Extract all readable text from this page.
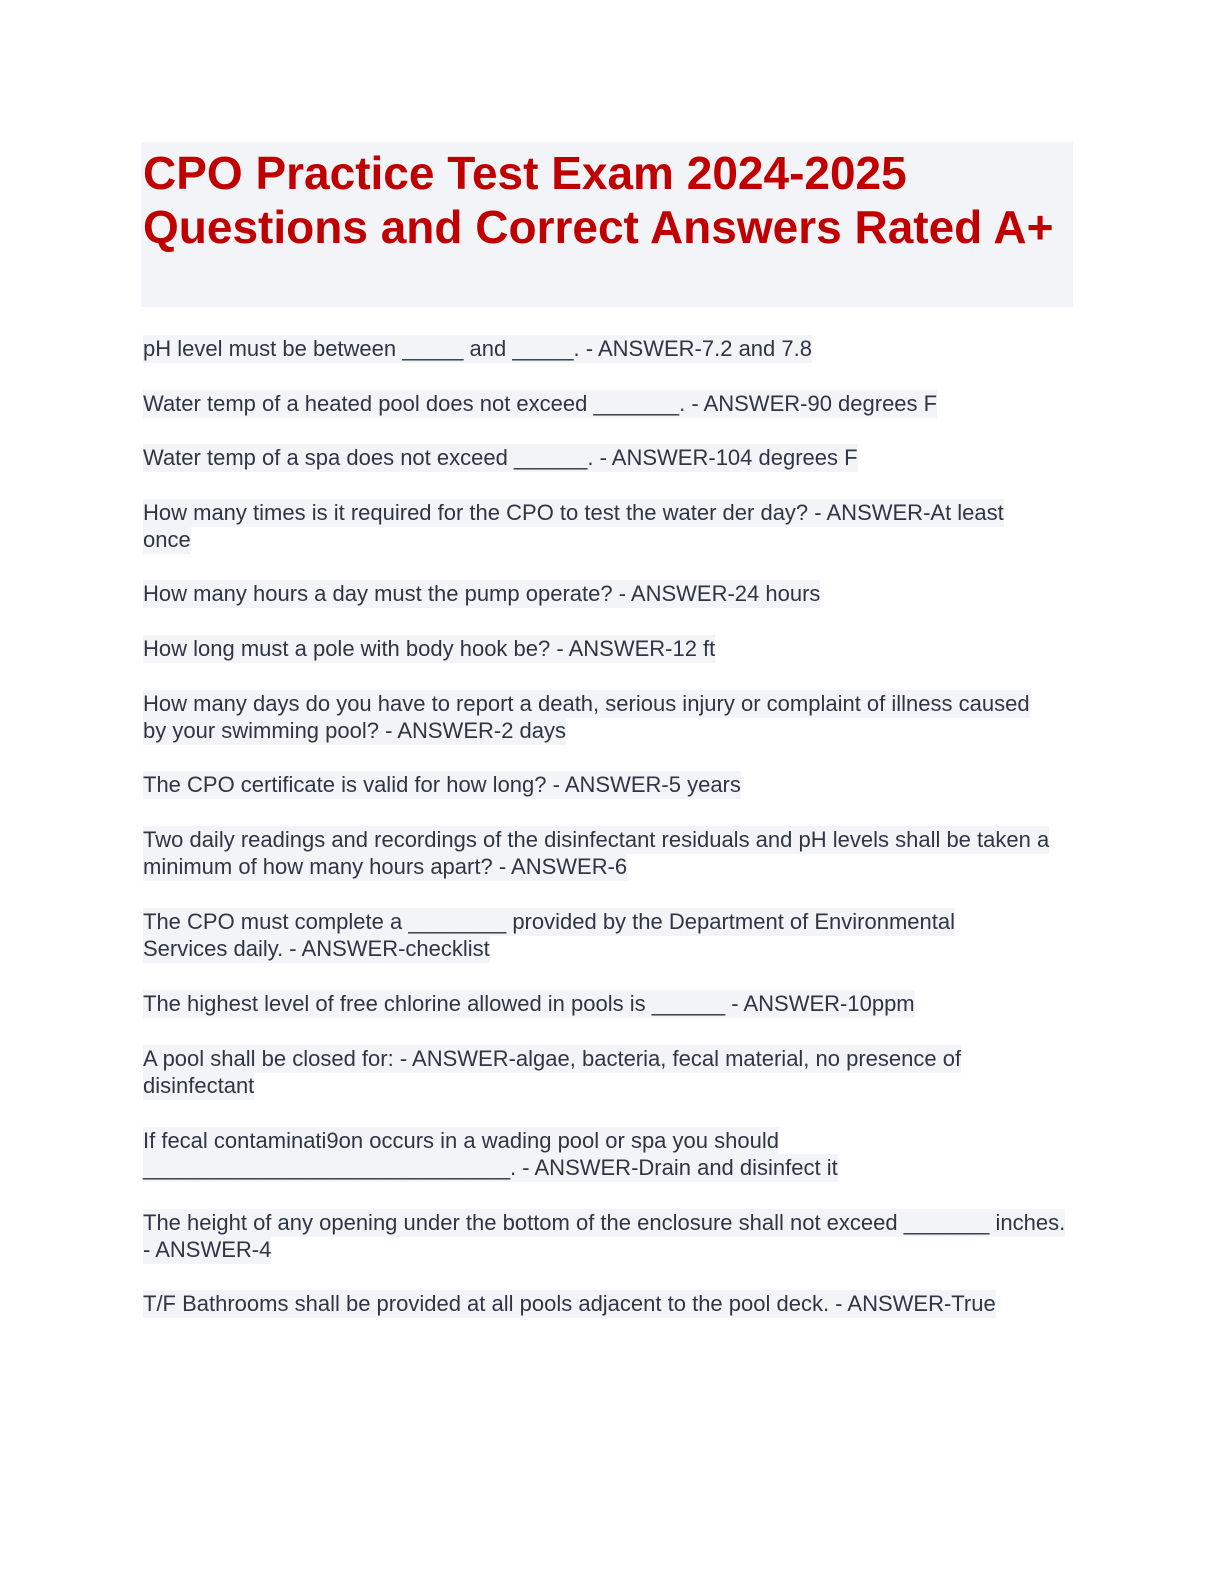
CPO Practice Test Exam 2024-2025 Questions and Correct Answers Rated A+

pH level must be between _____ and _____. - ANSWER-7.2 and 7.8

Water temp of a heated pool does not exceed _______. - ANSWER-90 degrees F

Water temp of a spa does not exceed ______. - ANSWER-104 degrees F

How many times is it required for the CPO to test the water der day? - ANSWER-At least once

How many hours a day must the pump operate? - ANSWER-24 hours

How long must a pole with body hook be? - ANSWER-12 ft

How many days do you have to report a death, serious injury or complaint of illness caused by your swimming pool? - ANSWER-2 days

The CPO certificate is valid for how long? - ANSWER-5 years

Two daily readings and recordings of the disinfectant residuals and pH levels shall be taken a minimum of how many hours apart? - ANSWER-6

The CPO must complete a ________ provided by the Department of Environmental Services daily. - ANSWER-checklist

The highest level of free chlorine allowed in pools is ______ - ANSWER-10ppm

A pool shall be closed for: - ANSWER-algae, bacteria, fecal material, no presence of disinfectant

If fecal contaminati9on occurs in a wading pool or spa you should ______________________________. - ANSWER-Drain and disinfect it

The height of any opening under the bottom of the enclosure shall not exceed _______ inches. - ANSWER-4

T/F Bathrooms shall be provided at all pools adjacent to the pool deck. - ANSWER-True
